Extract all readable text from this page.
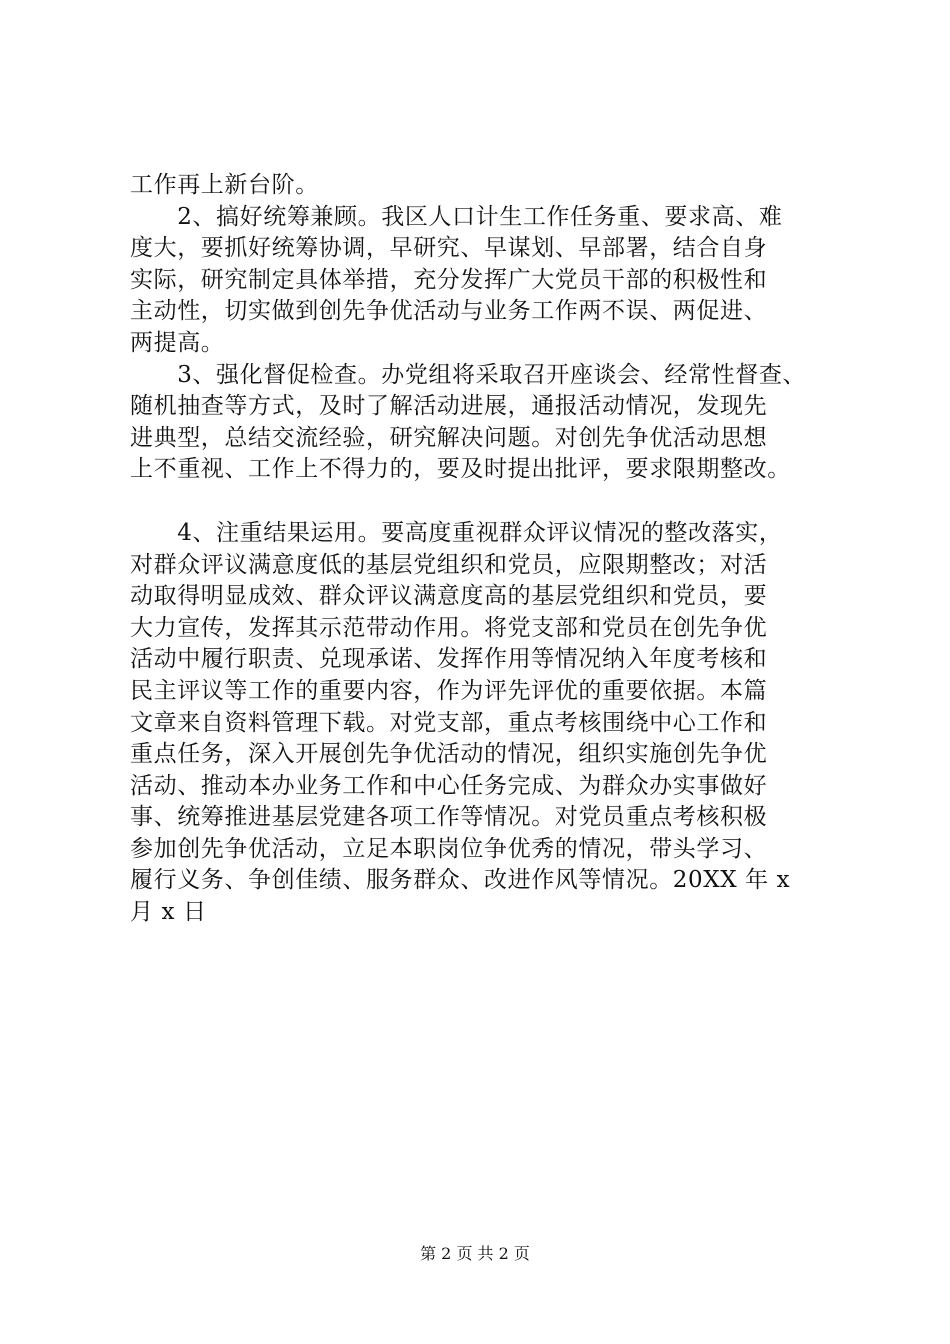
工作再上新台阶。
　　2、搞好统筹兼顾。我区人口计生工作任务重、要求高、难
度大，要抓好统筹协调，早研究、早谋划、早部署，结合自身
实际，研究制定具体举措，充分发挥广大党员干部的积极性和
主动性，切实做到创先争优活动与业务工作两不误、两促进、
两提高。
　　3、强化督促检查。办党组将采取召开座谈会、经常性督查、
随机抽查等方式，及时了解活动进展，通报活动情况，发现先
进典型，总结交流经验，研究解决问题。对创先争优活动思想
上不重视、工作上不得力的，要及时提出批评，要求限期整改。
　　4、注重结果运用。要高度重视群众评议情况的整改落实，
对群众评议满意度低的基层党组织和党员，应限期整改；对活
动取得明显成效、群众评议满意度高的基层党组织和党员，要
大力宣传，发挥其示范带动作用。将党支部和党员在创先争优
活动中履行职责、兑现承诺、发挥作用等情况纳入年度考核和
民主评议等工作的重要内容，作为评先评优的重要依据。本篇
文章来自资料管理下载。对党支部，重点考核围绕中心工作和
重点任务，深入开展创先争优活动的情况，组织实施创先争优
活动、推动本办业务工作和中心任务完成、为群众办实事做好
事、统筹推进基层党建各项工作等情况。对党员重点考核积极
参加创先争优活动，立足本职岗位争优秀的情况，带头学习、
履行义务、争创佳绩、服务群众、改进作风等情况。20XX 年 x
月 x 日
第 2 页 共 2 页
